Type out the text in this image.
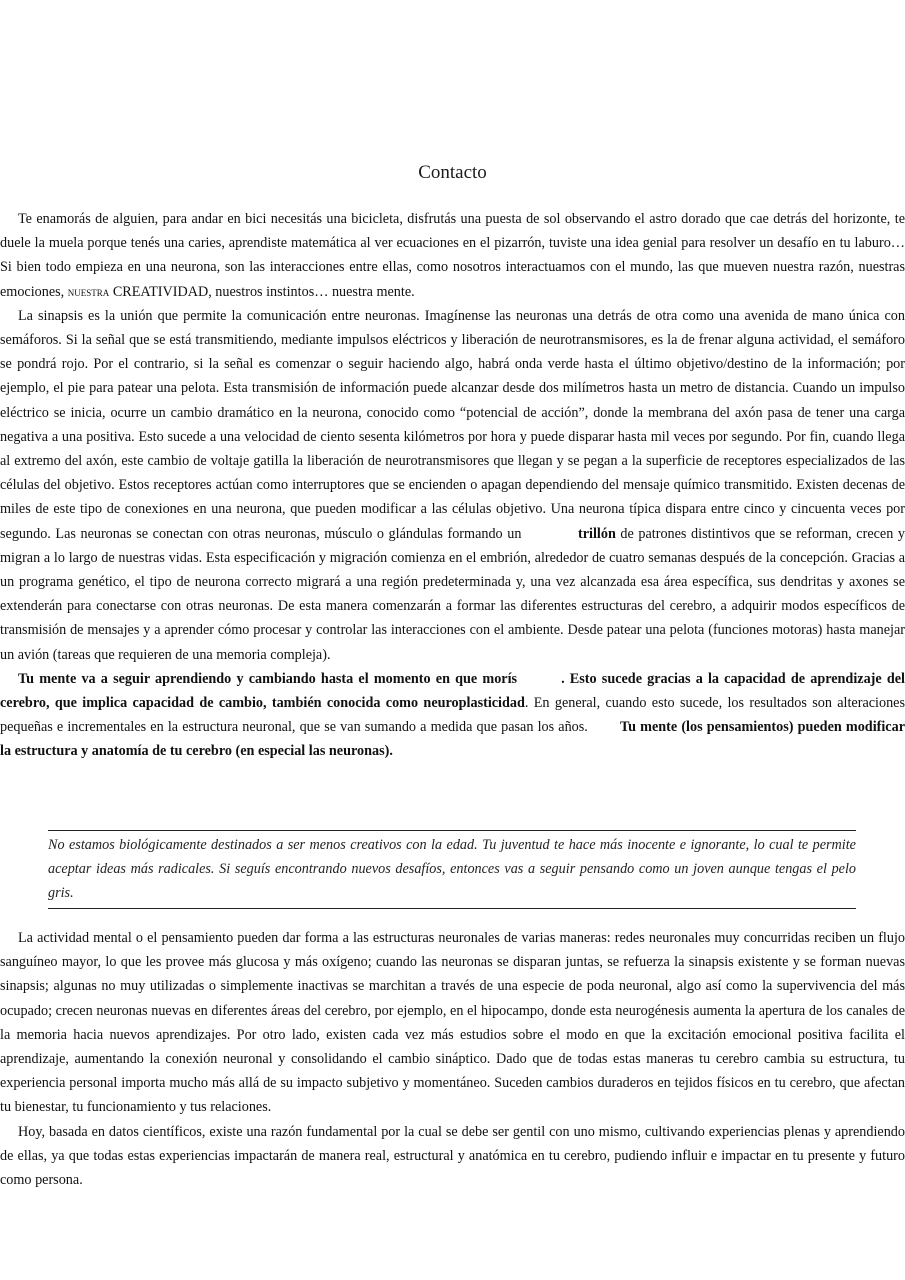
Contacto

Te enamorás de alguien, para andar en bici necesitás una bicicleta, disfrutás una puesta de sol observando el astro dorado que cae detrás del horizonte, te duele la muela porque tenés una caries, aprendiste matemática al ver ecuaciones en el pizarrón, tuviste una idea genial para resolver un desafío en tu laburo… Si bien todo empieza en una neurona, son las interacciones entre ellas, como nosotros interactuamos con el mundo, las que mueven nuestra razón, nuestras emociones, nuestra CREATIVIDAD, nuestros instintos… nuestra mente.

La sinapsis es la unión que permite la comunicación entre neuronas. Imagínense las neuronas una detrás de otra como una avenida de mano única con semáforos. Si la señal que se está transmitiendo, mediante impulsos eléctricos y liberación de neurotransmisores, es la de frenar alguna actividad, el semáforo se pondrá rojo. Por el contrario, si la señal es comenzar o seguir haciendo algo, habrá onda verde hasta el último objetivo/destino de la información; por ejemplo, el pie para patear una pelota. Esta transmisión de información puede alcanzar desde dos milímetros hasta un metro de distancia. Cuando un impulso eléctrico se inicia, ocurre un cambio dramático en la neurona, conocido como “potencial de acción”, donde la membrana del axón pasa de tener una carga negativa a una positiva. Esto sucede a una velocidad de ciento sesenta kilómetros por hora y puede disparar hasta mil veces por segundo. Por fin, cuando llega al extremo del axón, este cambio de voltaje gatilla la liberación de neurotransmisores que llegan y se pegan a la superficie de receptores especializados de las células del objetivo. Estos receptores actúan como interruptores que se encienden o apagan dependiendo del mensaje químico transmitido. Existen decenas de miles de este tipo de conexiones en una neurona, que pueden modificar a las células objetivo. Una neurona típica dispara entre cinco y cincuenta veces por segundo. Las neuronas se conectan con otras neuronas, músculo o glándulas formando un	trillón de patrones distintivos que se reforman, crecen y migran a lo largo de nuestras vidas. Esta especificación y migración comienza en el embrión, alrededor de cuatro semanas después de la concepción. Gracias a un programa genético, el tipo de neurona correcto migrará a una región predeterminada y, una vez alcanzada esa área específica, sus dendritas y axones se extenderán para conectarse con otras neuronas. De esta manera comenzarán a formar las diferentes estructuras del cerebro, a adquirir modos específicos de transmisión de mensajes y a aprender cómo procesar y controlar las interacciones con el ambiente. Desde patear una pelota (funciones motoras) hasta manejar un avión (tareas que requieren de una memoria compleja).

Tu mente va a seguir aprendiendo y cambiando hasta el momento en que morís	. Esto sucede gracias a la capacidad de aprendizaje del cerebro, que implica capacidad de cambio, también conocida como neuroplasticidad. En general, cuando esto sucede, los resultados son alteraciones pequeñas e incrementales en la estructura neuronal, que se van sumando a medida que pasan los años. Tu mente (los pensamientos) pueden modificar la estructura y anatomía de tu cerebro (en especial las neuronas).

No estamos biológicamente destinados a ser menos creativos con la edad. Tu juventud te hace más inocente e ignorante, lo cual te permite aceptar ideas más radicales. Si seguís encontrando nuevos desafíos, entonces vas a seguir pensando como un joven aunque tengas el pelo gris.

La actividad mental o el pensamiento pueden dar forma a las estructuras neuronales de varias maneras: redes neuronales muy concurridas reciben un flujo sanguíneo mayor, lo que les provee más glucosa y más oxígeno; cuando las neuronas se disparan juntas, se refuerza la sinapsis existente y se forman nuevas sinapsis; algunas no muy utilizadas o simplemente inactivas se marchitan a través de una especie de poda neuronal, algo así como la supervivencia del más ocupado; crecen neuronas nuevas en diferentes áreas del cerebro, por ejemplo, en el hipocampo, donde esta neurogénesis aumenta la apertura de los canales de la memoria hacia nuevos aprendizajes. Por otro lado, existen cada vez más estudios sobre el modo en que la excitación emocional positiva facilita el aprendizaje, aumentando la conexión neuronal y consolidando el cambio sináptico. Dado que de todas estas maneras tu cerebro cambia su estructura, tu experiencia personal importa mucho más allá de su impacto subjetivo y momentáneo. Suceden cambios duraderos en tejidos físicos en tu cerebro, que afectan tu bienestar, tu funcionamiento y tus relaciones.

Hoy, basada en datos científicos, existe una razón fundamental por la cual se debe ser gentil con uno mismo, cultivando experiencias plenas y aprendiendo de ellas, ya que todas estas experiencias impactarán de manera real, estructural y anatómica en tu cerebro, pudiendo influir e impactar en tu presente y futuro como persona.
